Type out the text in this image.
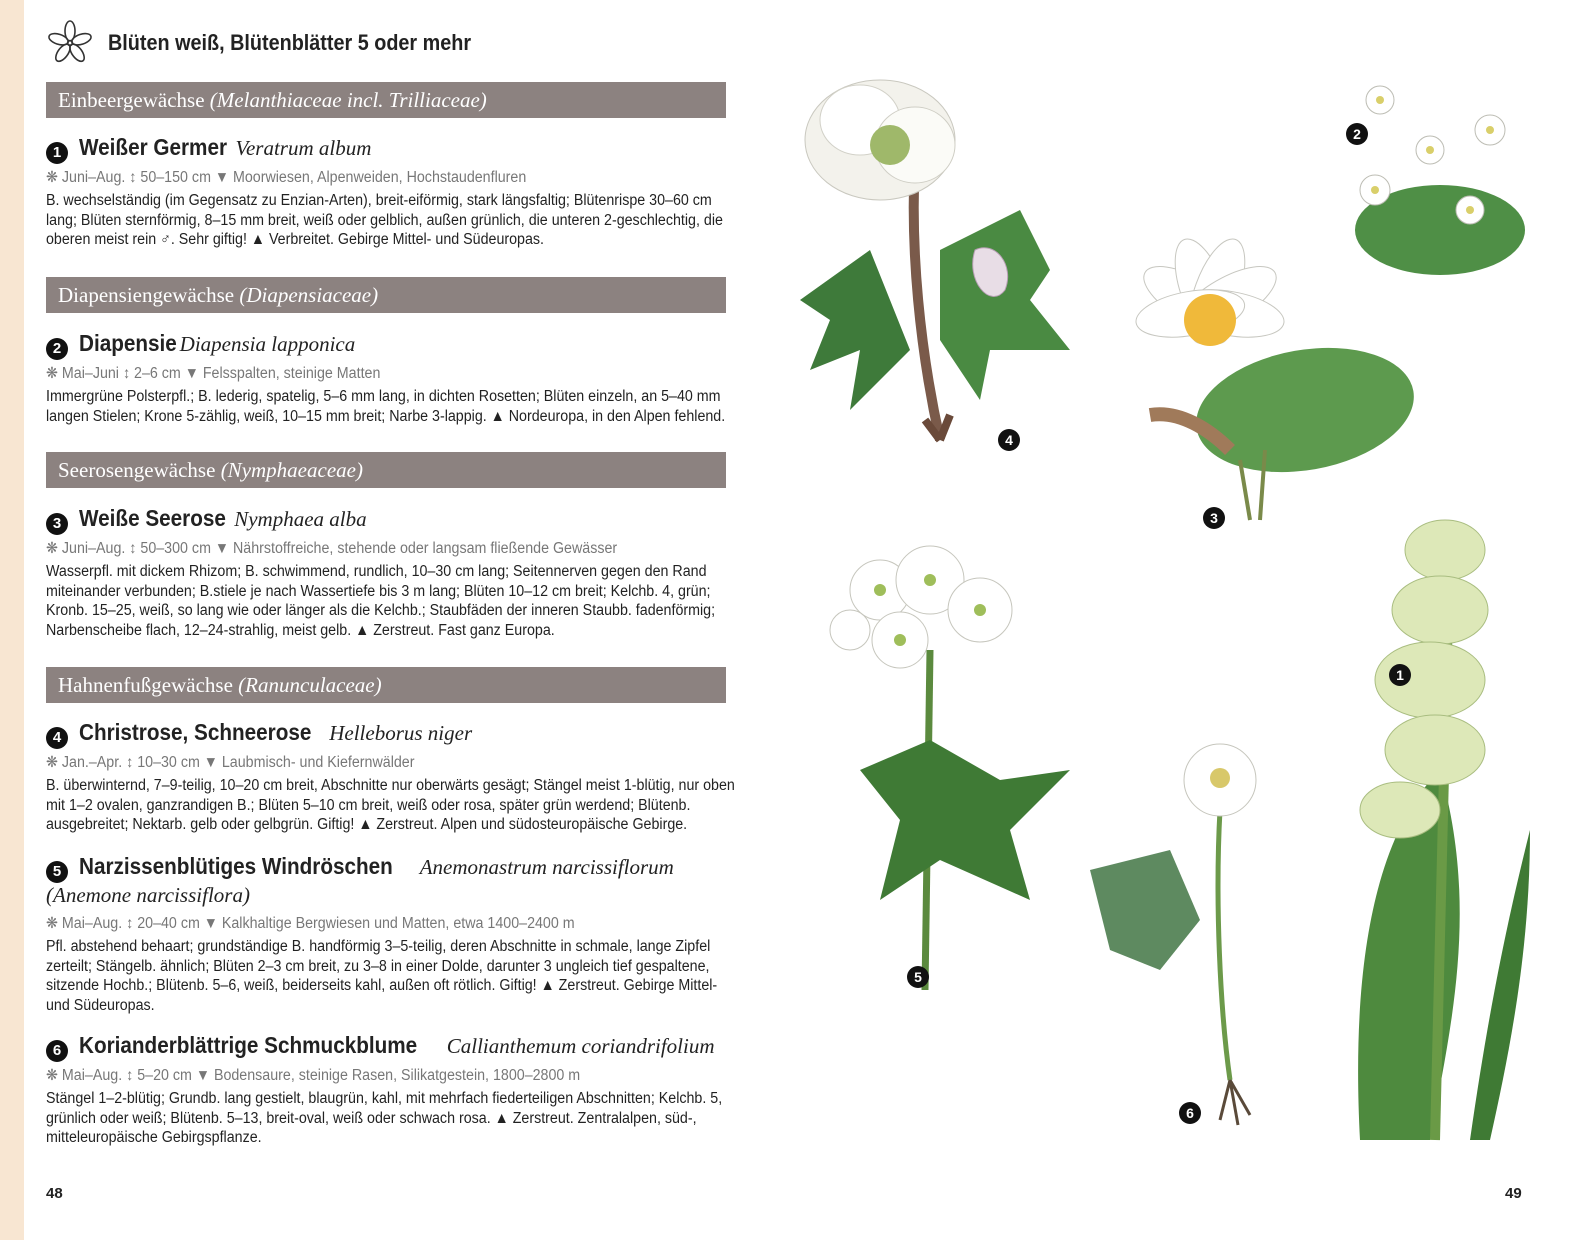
Blüten weiß, Blütenblätter 5 oder mehr
Einbeergewächse (Melanthiaceae incl. Trilliaceae)
Diapensiengewächse (Diapensiaceae)
Seerosengewächse (Nymphaeaceae)
Hahnenfußgewächse (Ranunculaceae)
1 Weißer Germer Veratrum album
❋ Juni–Aug. ↕ 50–150 cm ▼ Moorwiesen, Alpenweiden, Hochstaudenfluren
B. wechselständig (im Gegensatz zu Enzian-Arten), breit-eiförmig, stark längsfaltig; Blütenrispe 30–60 cm lang; Blüten sternförmig, 8–15 mm breit, weiß oder gelblich, außen grünlich, die unteren 2-geschlechtig, die oberen meist rein ♂. Sehr giftig! ▲ Verbreitet. Gebirge Mittel- und Südeuropas.
2 Diapensie Diapensia lapponica
❋ Mai–Juni ↕ 2–6 cm ▼ Felsspalten, steinige Matten
Immergrüne Polsterpfl.; B. lederig, spatelig, 5–6 mm lang, in dichten Rosetten; Blüten einzeln, an 5–40 mm langen Stielen; Krone 5-zählig, weiß, 10–15 mm breit; Narbe 3-lappig. ▲ Nordeuropa, in den Alpen fehlend.
3 Weiße Seerose Nymphaea alba
❋ Juni–Aug. ↕ 50–300 cm ▼ Nährstoffreiche, stehende oder langsam fließende Gewässer
Wasserpfl. mit dickem Rhizom; B. schwimmend, rundlich, 10–30 cm lang; Seitennerven gegen den Rand miteinander verbunden; B.stiele je nach Wassertiefe bis 3 m lang; Blüten 10–12 cm breit; Kelchb. 4, grün; Kronb. 15–25, weiß, so lang wie oder länger als die Kelchb.; Staubfäden der inneren Staubb. fadenförmig; Narbenscheibe flach, 12–24-strahlig, meist gelb. ▲ Zerstreut. Fast ganz Europa.
4 Christrose, Schneerose Helleborus niger
❋ Jan.–Apr. ↕ 10–30 cm ▼ Laubmisch- und Kiefernwälder
B. überwinternd, 7–9-teilig, 10–20 cm breit, Abschnitte nur oberwärts gesägt; Stängel meist 1-blütig, nur oben mit 1–2 ovalen, ganzrandigen B.; Blüten 5–10 cm breit, weiß oder rosa, später grün werdend; Blütenb. ausgebreitet; Nektarb. gelb oder gelbgrün. Giftig! ▲ Zerstreut. Alpen und südosteuropäische Gebirge.
5 Narzissenblütiges Windröschen Anemonastrum narcissiflorum
(Anemone narcissiflora)
❋ Mai–Aug. ↕ 20–40 cm ▼ Kalkhaltige Bergwiesen und Matten, etwa 1400–2400 m
Pfl. abstehend behaart; grundständige B. handförmig 3–5-teilig, deren Abschnitte in schmale, lange Zipfel zerteilt; Stängelb. ähnlich; Blüten 2–3 cm breit, zu 3–8 in einer Dolde, darunter 3 ungleich tief gespaltene, sitzende Hochb.; Blütenb. 5–6, weiß, beiderseits kahl, außen oft rötlich. Giftig! ▲ Zerstreut. Gebirge Mittel- und Südeuropas.
6 Korianderblättrige Schmuckblume Callianthemum coriandrifolium
❋ Mai–Aug. ↕ 5–20 cm ▼ Bodensaure, steinige Rasen, Silikatgestein, 1800–2800 m
Stängel 1–2-blütig; Grundb. lang gestielt, blaugrün, kahl, mit mehrfach fiederteiligen Abschnitten; Kelchb. 5, grünlich oder weiß; Blütenb. 5–13, breit-oval, weiß oder schwach rosa. ▲ Zerstreut. Zentralalpen, süd-, mitteleuropäische Gebirgspflanze.
2
4
3
1
5
6
48	49
